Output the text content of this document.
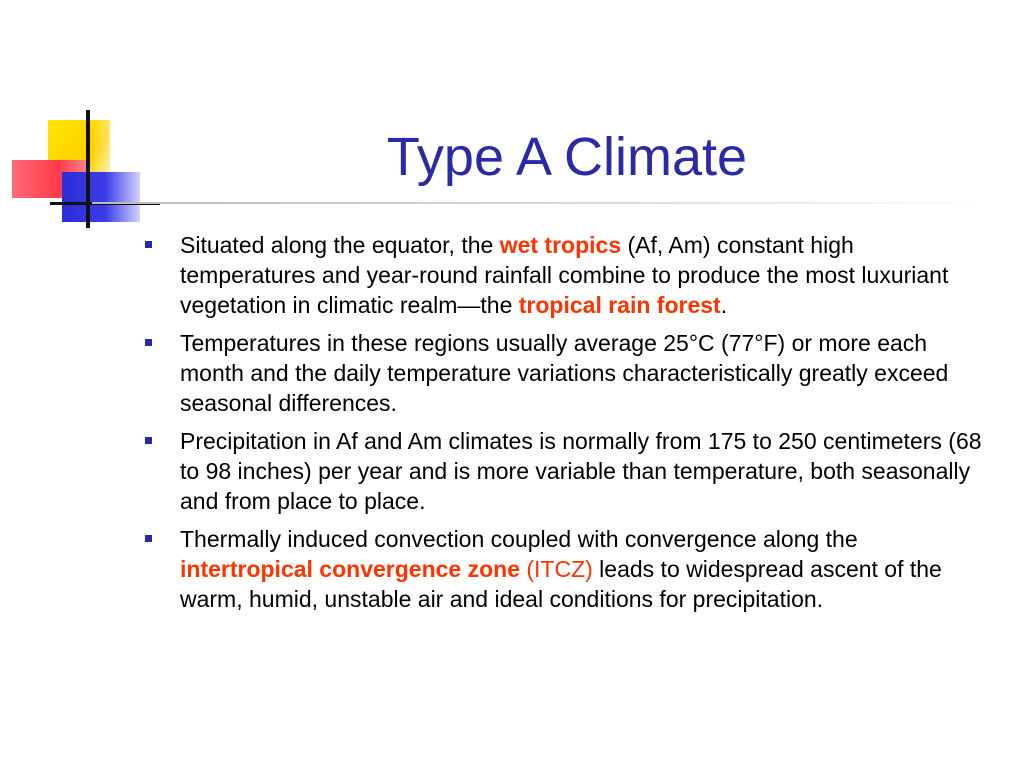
Type A Climate
Situated along the equator, the wet tropics (Af, Am) constant high temperatures and year-round rainfall combine to produce the most luxuriant vegetation in climatic realm—the tropical rain forest.
Temperatures in these regions usually average 25°C (77°F) or more each month and the daily temperature variations characteristically greatly exceed seasonal differences.
Precipitation in Af and Am climates is normally from 175 to 250 centimeters (68 to 98 inches) per year and is more variable than temperature, both seasonally and from place to place.
Thermally induced convection coupled with convergence along the intertropical convergence zone (ITCZ) leads to widespread ascent of the warm, humid, unstable air and ideal conditions for precipitation.
